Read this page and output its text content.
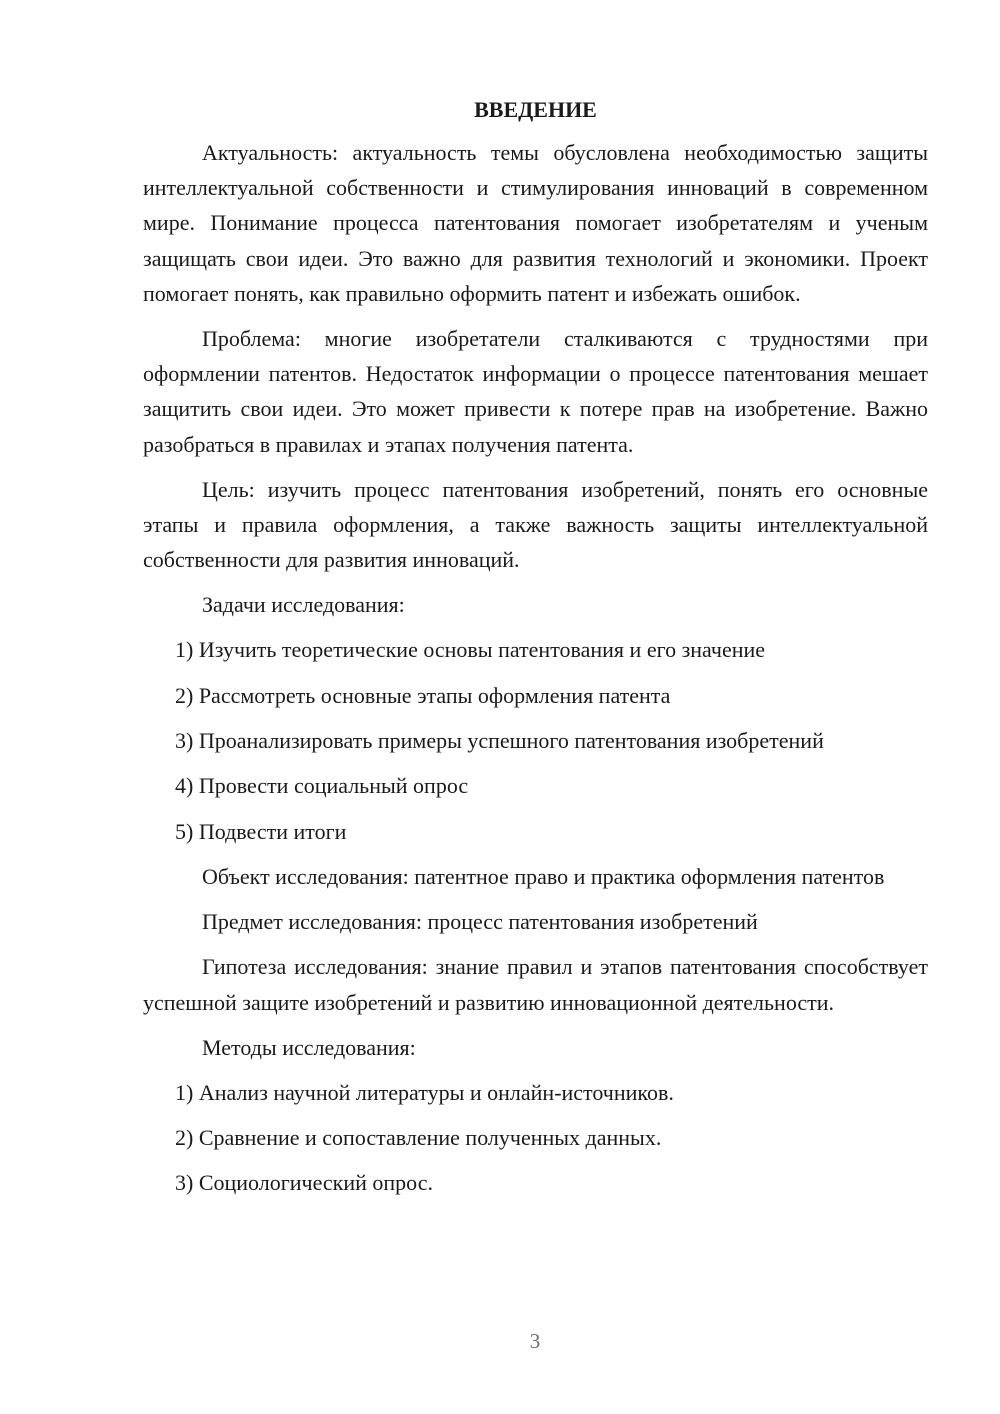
ВВЕДЕНИЕ

Актуальность: актуальность темы обусловлена необходимостью защиты интеллектуальной собственности и стимулирования инноваций в современном мире. Понимание процесса патентования помогает изобретателям и ученым защищать свои идеи. Это важно для развития технологий и экономики. Проект помогает понять, как правильно оформить патент и избежать ошибок.

Проблема: многие изобретатели сталкиваются с трудностями при оформлении патентов. Недостаток информации о процессе патентования мешает защитить свои идеи. Это может привести к потере прав на изобретение. Важно разобраться в правилах и этапах получения патента.

Цель: изучить процесс патентования изобретений, понять его основные этапы и правила оформления, а также важность защиты интеллектуальной собственности для развития инноваций.

Задачи исследования:

1) Изучить теоретические основы патентования и его значение
2) Рассмотреть основные этапы оформления патента
3) Проанализировать примеры успешного патентования изобретений
4) Провести социальный опрос
5) Подвести итоги

Объект исследования: патентное право и практика оформления патентов

Предмет исследования: процесс патентования изобретений

Гипотеза исследования: знание правил и этапов патентования способствует успешной защите изобретений и развитию инновационной деятельности.

Методы исследования:

1) Анализ научной литературы и онлайн-источников.
2) Сравнение и сопоставление полученных данных.
3) Социологический опрос.
3
